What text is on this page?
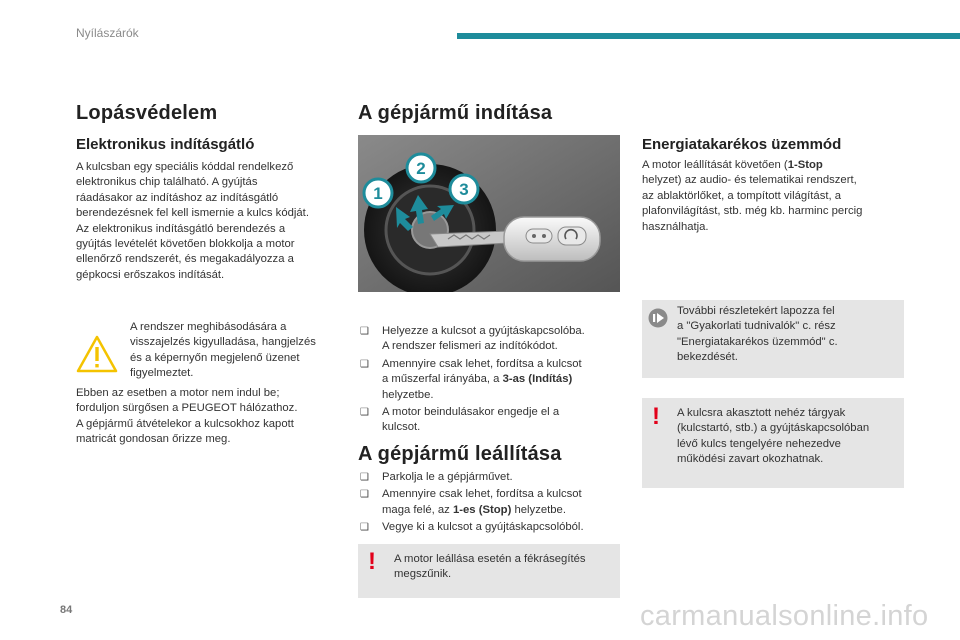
Nyílászárók
Lopásvédelem
Elektronikus indításgátló
A kulcsban egy speciális kóddal rendelkező
elektronikus chip található. A gyújtás
ráadásakor az indításhoz az indításgátló
berendezésnek fel kell ismernie a kulcs kódját.
Az elektronikus indításgátló berendezés a
gyújtás levételét követően blokkolja a motor
ellenőrző rendszerét, és megakadályozza a
gépkocsi erőszakos indítását.
A rendszer meghibásodására a
visszajelzés kigyulladása, hangjelzés
és a képernyőn megjelenő üzenet
figyelmeztet.
Ebben az esetben a motor nem indul be;
forduljon sürgősen a PEUGEOT hálózathoz.
A gépjármű átvételekor a kulcsokhoz kapott
matricát gondosan őrizze meg.
A gépjármű indítása
1
2
3
❑ Helyezze a kulcsot a gyújtáskapcsolóba.
A rendszer felismeri az indítókódot.
❑ Amennyire csak lehet, fordítsa a kulcsot
a műszerfal irányába, a 3-as (Indítás)
helyzetbe.
❑ A motor beindulásakor engedje el a
kulcsot.
A gépjármű leállítása
❑ Parkolja le a gépjárművet.
❑ Amennyire csak lehet, fordítsa a kulcsot
maga felé, az 1-es (Stop) helyzetbe.
❑ Vegye ki a kulcsot a gyújtáskapcsolóból.
! A motor leállása esetén a fékrásegítés
megszűnik.
Energiatakarékos üzemmód
A motor leállítását követően (1-Stop
helyzet) az audio- és telematikai rendszert,
az ablaktörlőket, a tompított világítást, a
plafonvilágítást, stb. még kb. harminc percig
használhatja.
További részletekért lapozza fel
a "Gyakorlati tudnivalók" c. rész
"Energiatakarékos üzemmód" c.
bekezdését.
! A kulcsra akasztott nehéz tárgyak
(kulcstartó, stb.) a gyújtáskapcsolóban
lévő kulcs tengelyére nehezedve
működési zavart okozhatnak.
84	carmanualsonline.info
